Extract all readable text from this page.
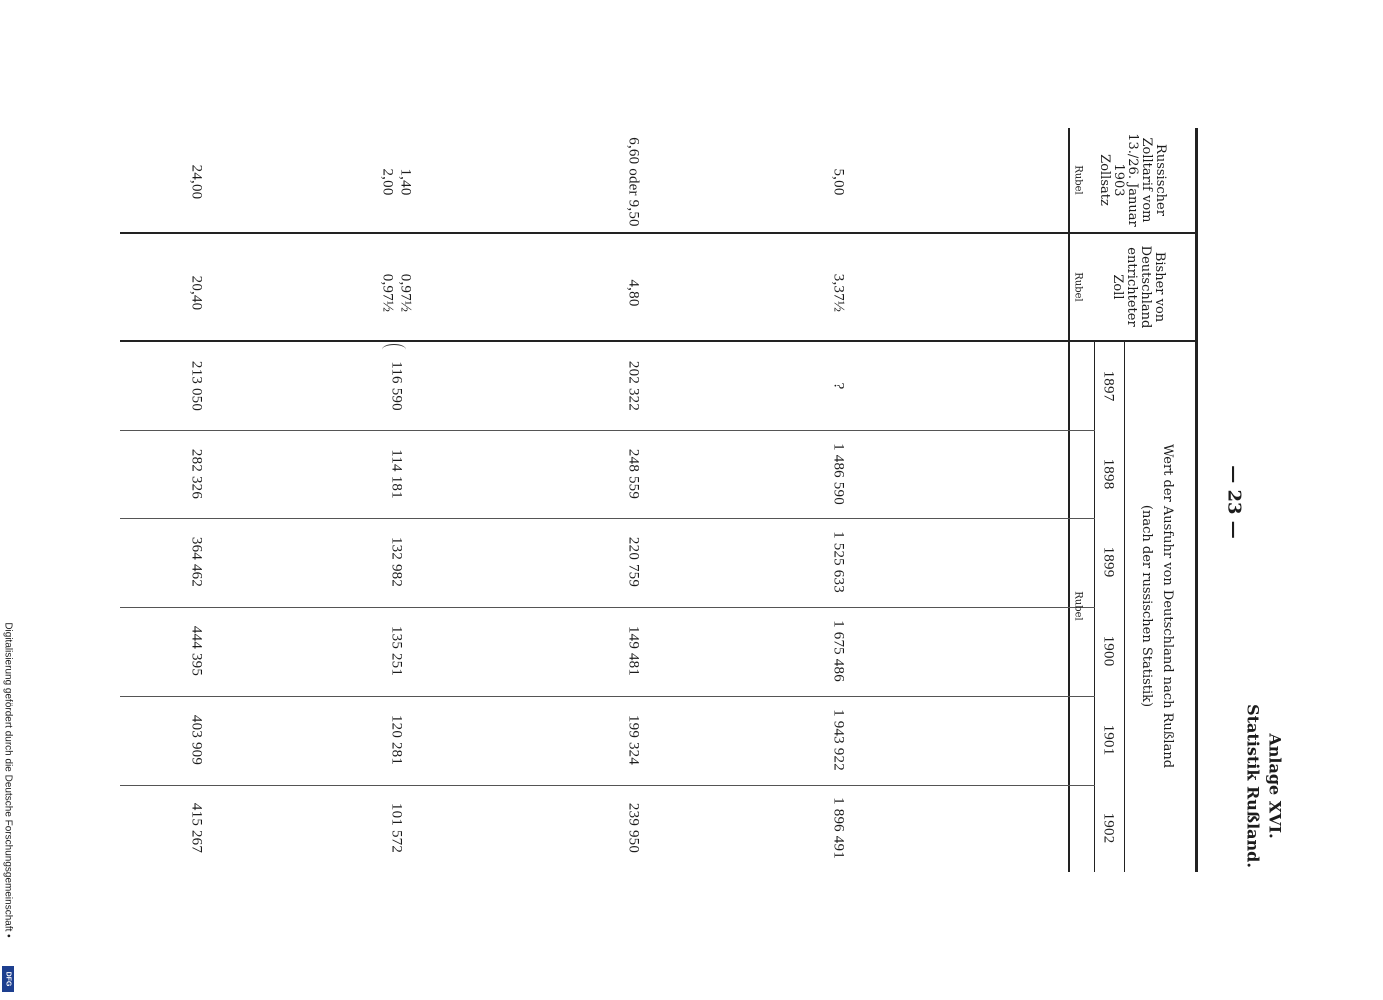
Anlage XVI.
Statistik Rußland.
— 23 —
Russischer
Zolltarif vom
13./26. Januar
1903
Zollsatz
Rubel
Bisher von
Deutschland
entrichteter
Zoll
Rubel
Wert der Ausfuhr von Deutschland nach Rußland
(nach der russischen Statistik)
Rubel
1897
1898
1899
1900
1901
1902
5,00
3,37½
?
1 486 590
1 525 633
1 675 486
1 943 922
1 896 491
6,60 oder 9,50
4,80
202 322
248 559
220 759
149 481
199 324
239 950
1,40
2,00
0,97½
0,97½
116 590
114 181
132 982
135 251
120 281
101 572
24,00
20,40
213 050
282 326
364 462
444 395
403 909
415 267
Digitalisierung gefördert durch die Deutsche Forschungsgemeinschaft •
DFG
